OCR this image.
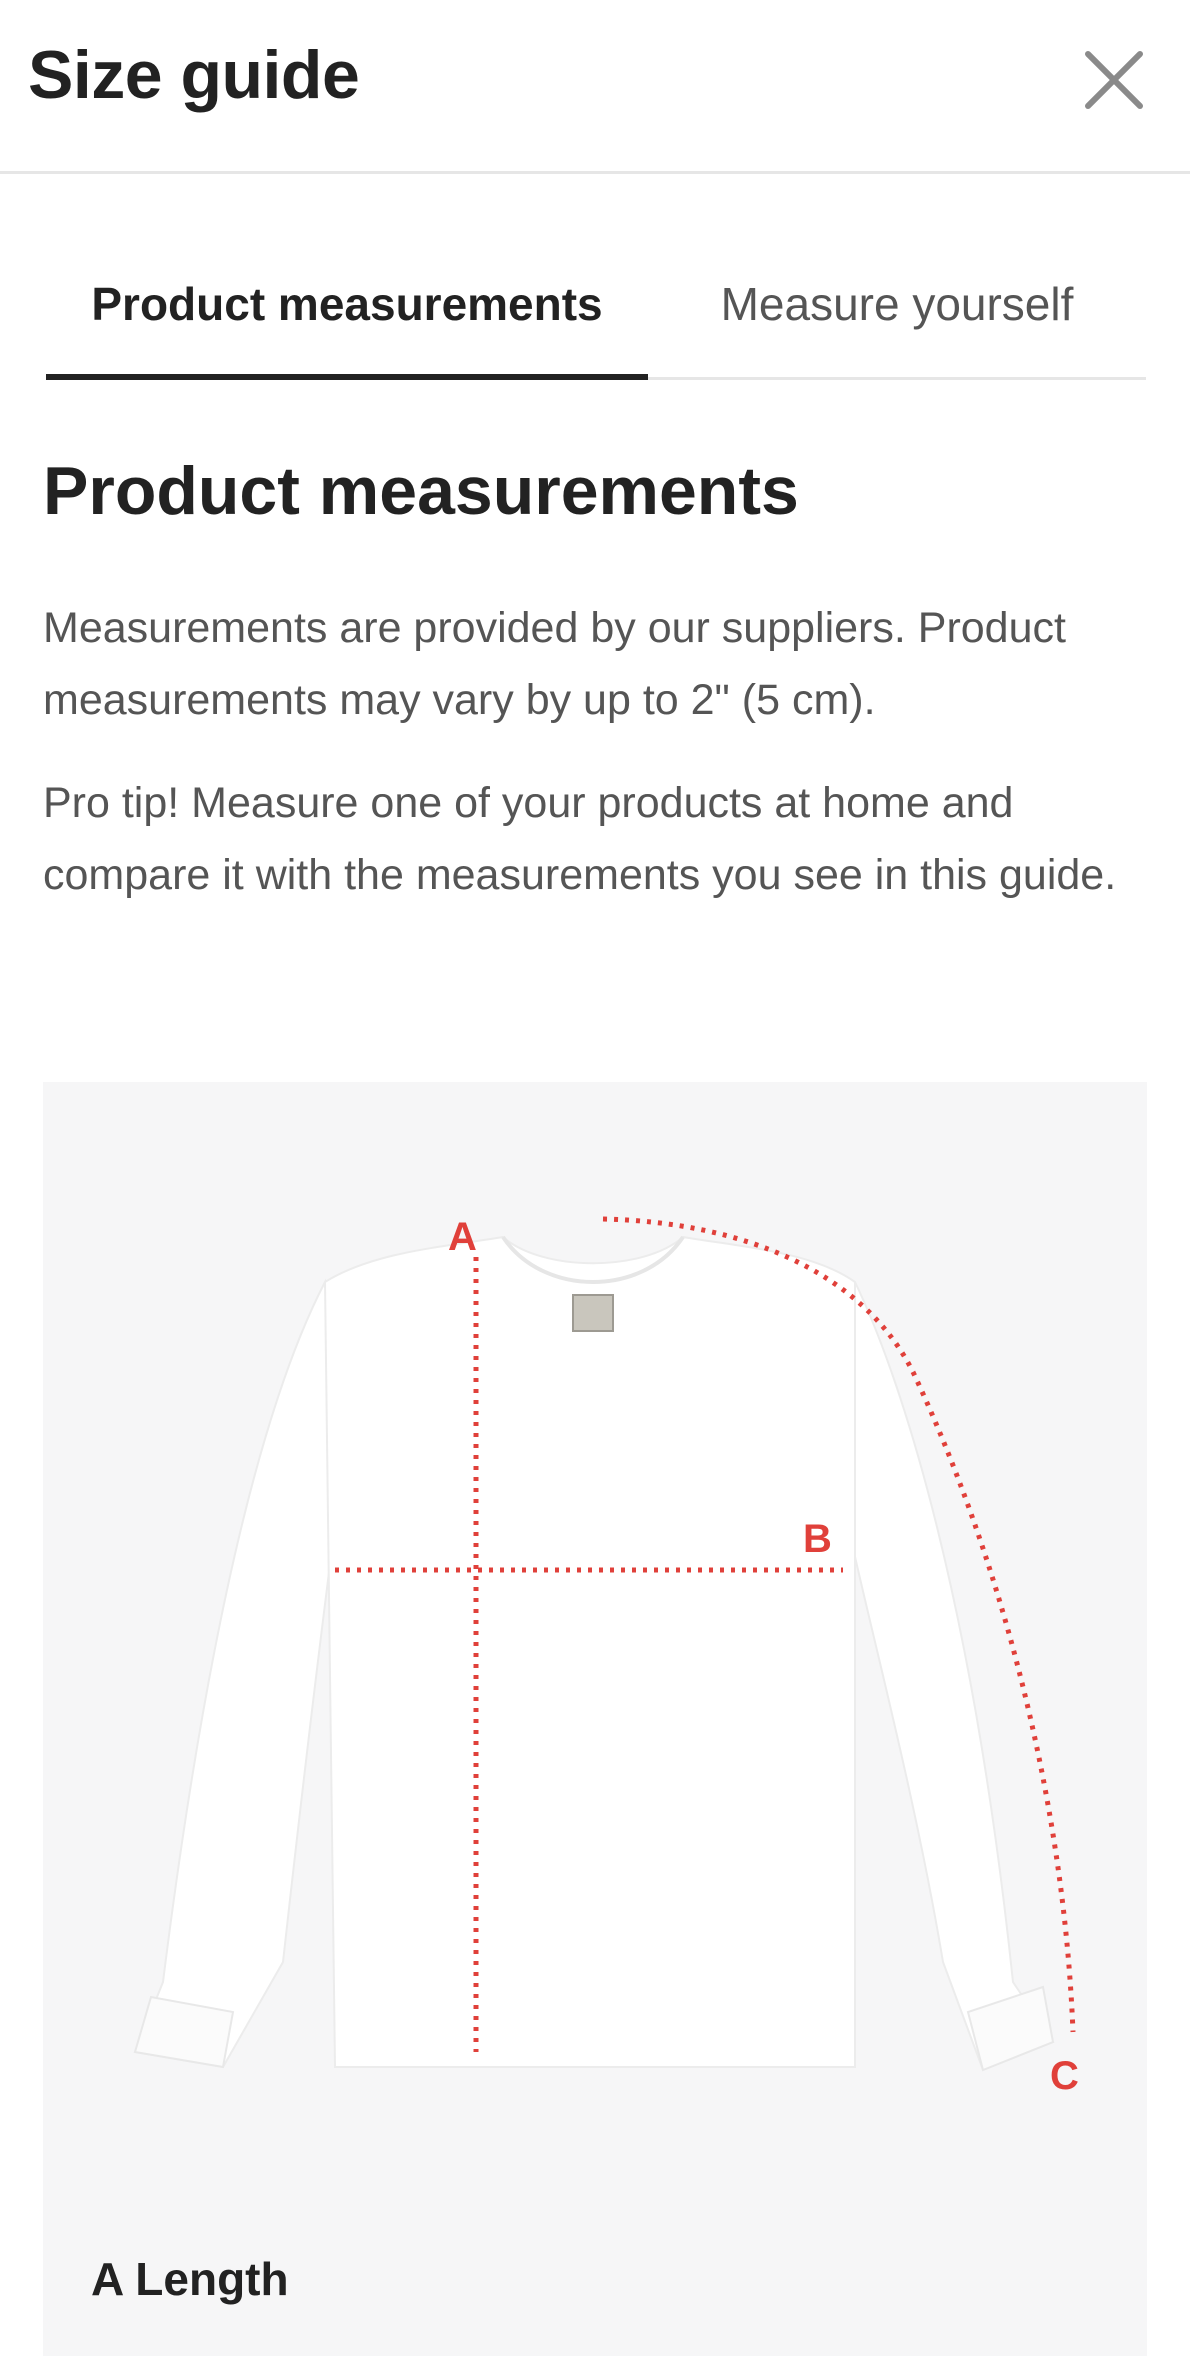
Size guide
Product measurements	Measure yourself
Product measurements
Measurements are provided by our suppliers. Product measurements may vary by up to 2" (5 cm).
Pro tip! Measure one of your products at home and compare it with the measurements you see in this guide.
A
B
C
A Length
